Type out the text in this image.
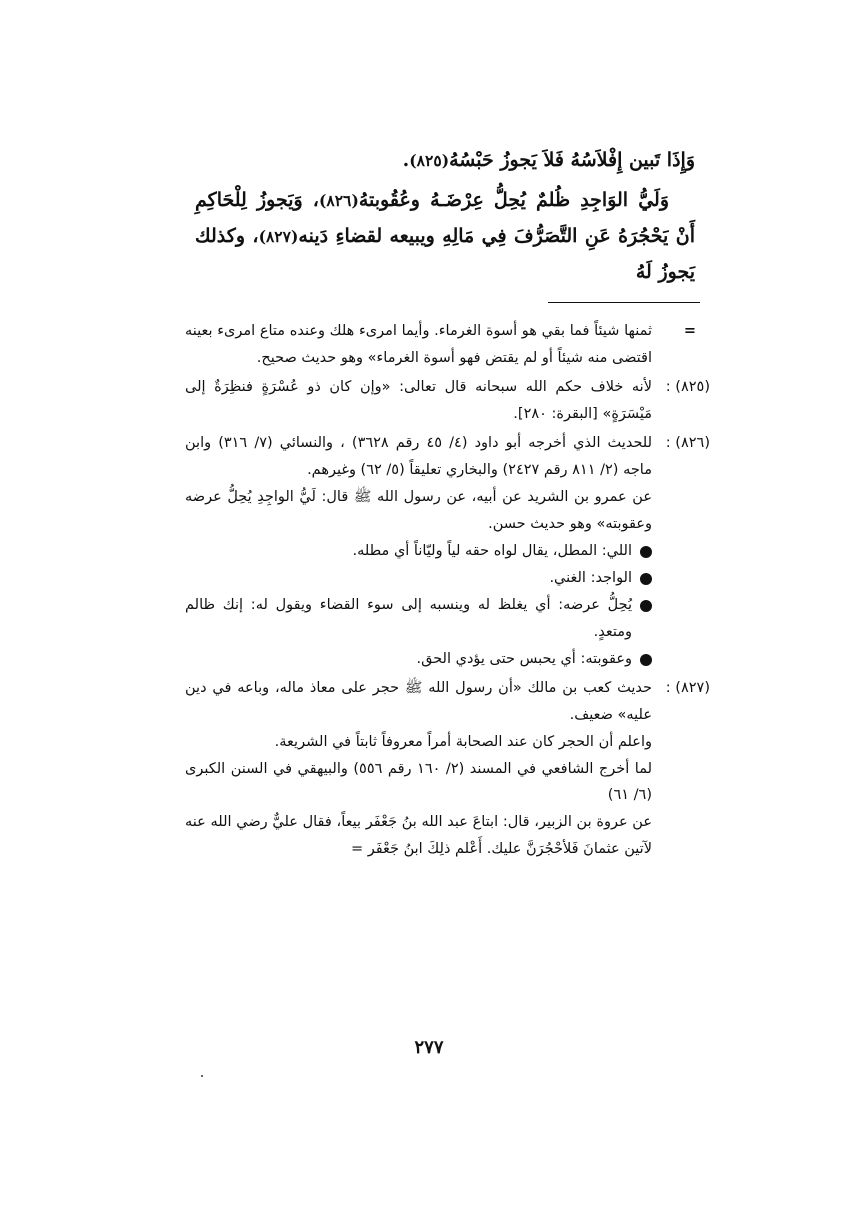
وَإِذَا تَبين إِفْلاَسُهُ فَلاَ يَجوزُ حَبْسُهُ(٨٢٥).

وَلَيُّ الوَاجِدِ ظُلمٌ يُحِلُّ عِرْضَـهُ وعُقُوبتهُ(٨٢٦)، وَيَجوزُ لِلْحَاكِمِ أَنْ يَحْجُرَهُ عَنِ التَّصَرُّفَ فِي مَالِهِ ويبيعه لقضاءِ دَينه(٨٢٧)، وكذلك يَجوزُ لَهُ

=

ثمنها شيئاً فما بقي هو أسوة الغرماء. وأيما امرىء هلك وعنده متاع امرىء بعينه اقتضى منه شيئاً أو لم يقتض فهو أسوة الغرماء» وهو حديث صحيح.

(٨٢٥) :

لأنه خلاف حكم الله سبحانه قال تعالى: «وإن كان ذو عُسْرَةٍ فنظِرَةٌ إلى مَيْسَرَةٍ» [البقرة: ٢٨٠].

(٨٢٦) :

للحديث الذي أخرجه أبو داود (٤/ ٤٥ رقم ٣٦٢٨) ، والنسائي (٧/ ٣١٦) وابن ماجه (٢/ ٨١١ رقم ٢٤٢٧) والبخاري تعليقاً (٥/ ٦٢) وغيرهم.

عن عمرو بن الشريد عن أبيه، عن رسول الله ﷺ قال: لَيُّ الواجِدِ يُحِلُّ عرضه وعقوبته» وهو حديث حسن.

اللي: المطل، يقال لواه حقه لياً وليّاناً أي مطله.

الواجد: الغني.

يُحِلُّ عرضه: أي يغلظ له وينسبه إلى سوء القضاء ويقول له: إنك ظالم ومتعدٍ.

وعقوبته: أي يحبس حتى يؤدي الحق.

(٨٢٧) :

حديث كعب بن مالك «أن رسول الله ﷺ حجر على معاذ ماله، وباعه في دين عليه» ضعيف.

واعلم أن الحجر كان عند الصحابة أمراً معروفاً ثابتاً في الشريعة.

لما أخرج الشافعي في المسند (٢/ ١٦٠ رقم ٥٥٦) والبيهقي في السنن الكبرى (٦/ ٦١)

عن عروة بن الزبير، قال: ابتاعَ عبد الله بنُ جَعْفَر بيعاً، فقال عليٌّ رضي الله عنه لآتين عثمانَ فَلأحْجُرَنَّ عليك. أَعْلم ذلِكَ ابنُ جَعْفَر =

٢٧٧
